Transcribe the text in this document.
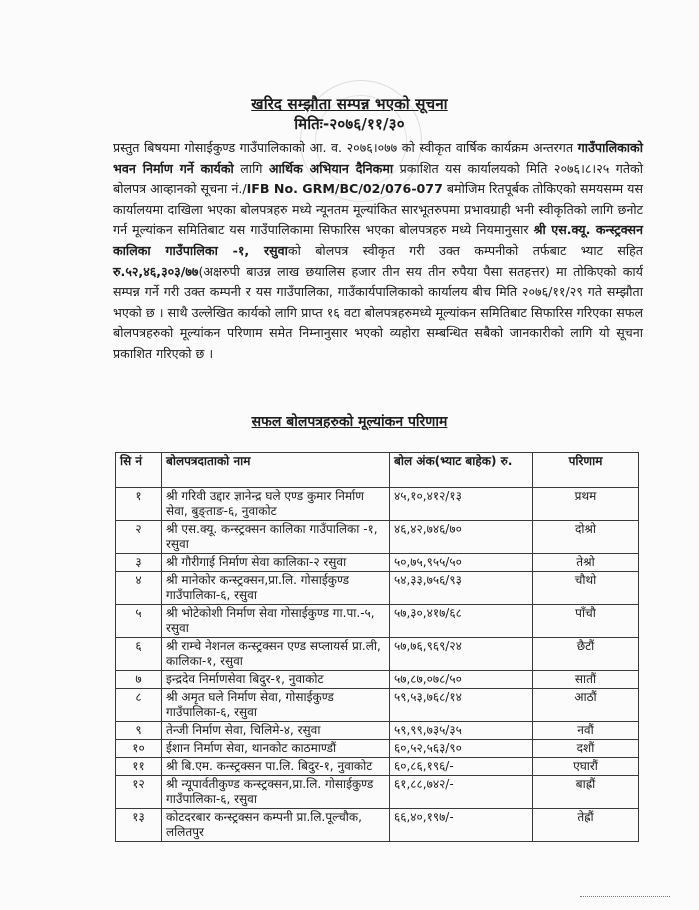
खरिद सम्झौता सम्पन्न भएको सूचना
मितिः-२०७६/११/३०
प्रस्तुत बिषयमा गोसाईकुण्ड गाउँपालिकाको आ. व. २०७६।०७७ को स्वीकृत वार्षिक कार्यक्रम अन्तरगत गाउँपालिकाको भवन निर्माण गर्ने कार्यको लागि आर्थिक अभियान दैनिकमा प्रकाशित यस कार्यालयको मिति २०७६।८।२५ गतेको बोलपत्र आव्हानको सूचना नं./IFB No. GRM/BC/02/076-077 बमोजिम रितपूर्बक तोकिएको समयसम्म यस कार्यालयमा दाखिला भएका बोलपत्रहरु मध्ये न्यूनतम मूल्यांकित सारभूतरुपमा प्रभावग्राही भनी स्वीकृतिको लागि छनोट गर्न मूल्यांकन समितिबाट यस गाउँपालिकामा सिफारिस भएका बोलपत्रहरु मध्ये नियमानुसार श्री एस.क्यू. कन्स्ट्रक्सन कालिका गाउँपालिका -१, रसुवाको बोलपत्र स्वीकृत गरी उक्त कम्पनीको तर्फबाट भ्याट सहित रु.५२,४६,३०३/७७(अक्षरुपी बाउन्न लाख छयालिस हजार तीन सय तीन रुपैया पैसा सतहत्तर) मा तोकिएको कार्य सम्पन्न गर्ने गरी उक्त कम्पनी र यस गाउँपालिका, गाउँकार्यपालिकाको कार्यालय बीच मिति २०७६/११/२९ गते सम्झौता भएको छ । साथै उल्लेखित कार्यको लागि प्राप्त १६ वटा बोलपत्रहरुमध्ये मूल्यांकन समितिबाट सिफारिस गरिएका सफल बोलपत्रहरुको मूल्यांकन परिणाम समेत निम्नानुसार भएको व्यहोरा सम्बन्धित सबैको जानकारीको लागि यो सूचना प्रकाशित गरिएको छ ।
सफल बोलपत्रहरुको मूल्यांकन परिणाम
सि नं	बोलपत्रदाताको नाम	बोल अंक(भ्याट बाहेक) रु.	परिणाम
१	श्री गरिवी उद्दार ज्ञानेन्द्र घले एण्ड कुमार निर्माण सेवा, बुङ्ताङ-६, नुवाकोट	४५,१०,४१२/१३	प्रथम
२	श्री एस.क्यू. कन्स्ट्रक्सन कालिका गाउँपालिका -१, रसुवा	४६,४२,७४६/७०	दोश्रो
३	श्री गौरीगाई निर्माण सेवा कालिका-२ रसुवा	५०,७५,९५५/५०	तेश्रो
४	श्री मानेकोर कन्स्ट्रक्सन,प्रा.लि. गोसाईकुण्ड गाउँपालिका-६, रसुवा	५४,३३,७५६/९३	चौथो
५	श्री भोटेकोशी निर्माण सेवा गोसाईकुण्ड गा.पा.-५, रसुवा	५७,३०,४१७/६८	पाँचौ
६	श्री राम्चे नेशनल कन्स्ट्रक्सन एण्ड सप्लायर्स प्रा.ली, कालिका-१, रसुवा	५७,७६,९६९/२४	छैटौं
७	इन्द्रदेव निर्माणसेवा बिदुर-१, नुवाकोट	५७,८७,०७८/५०	सातौं
८	श्री अमृत घले निर्माण सेवा, गोसाईकुण्ड गाउँपालिका-६, रसुवा	५९,५३,७६८/१४	आठौं
९	तेन्जी निर्माण सेवा, चिलिमे-४, रसुवा	५९,९९,७३५/३५	नवौं
१०	ईशान निर्माण सेवा, थानकोट काठमाण्डौं	६०,५२,५६३/९०	दशौं
११	श्री बि.एम. कन्स्ट्रक्सन पा.लि. बिदुर-१, नुवाकोट	६०,८६,१९६/-	एघारौं
१२	श्री न्यूपार्वतीकुण्ड कन्स्ट्रक्सन,प्रा.लि. गोसाईकुण्ड गाउँपालिका-६, रसुवा	६१,८८,७४२/-	बाह्रौं
१३	कोटदरबार कन्स्ट्रक्सन कम्पनी प्रा.लि.पूल्चौक, ललितपुर	६६,४०,१९७/-	तेह्रौं
